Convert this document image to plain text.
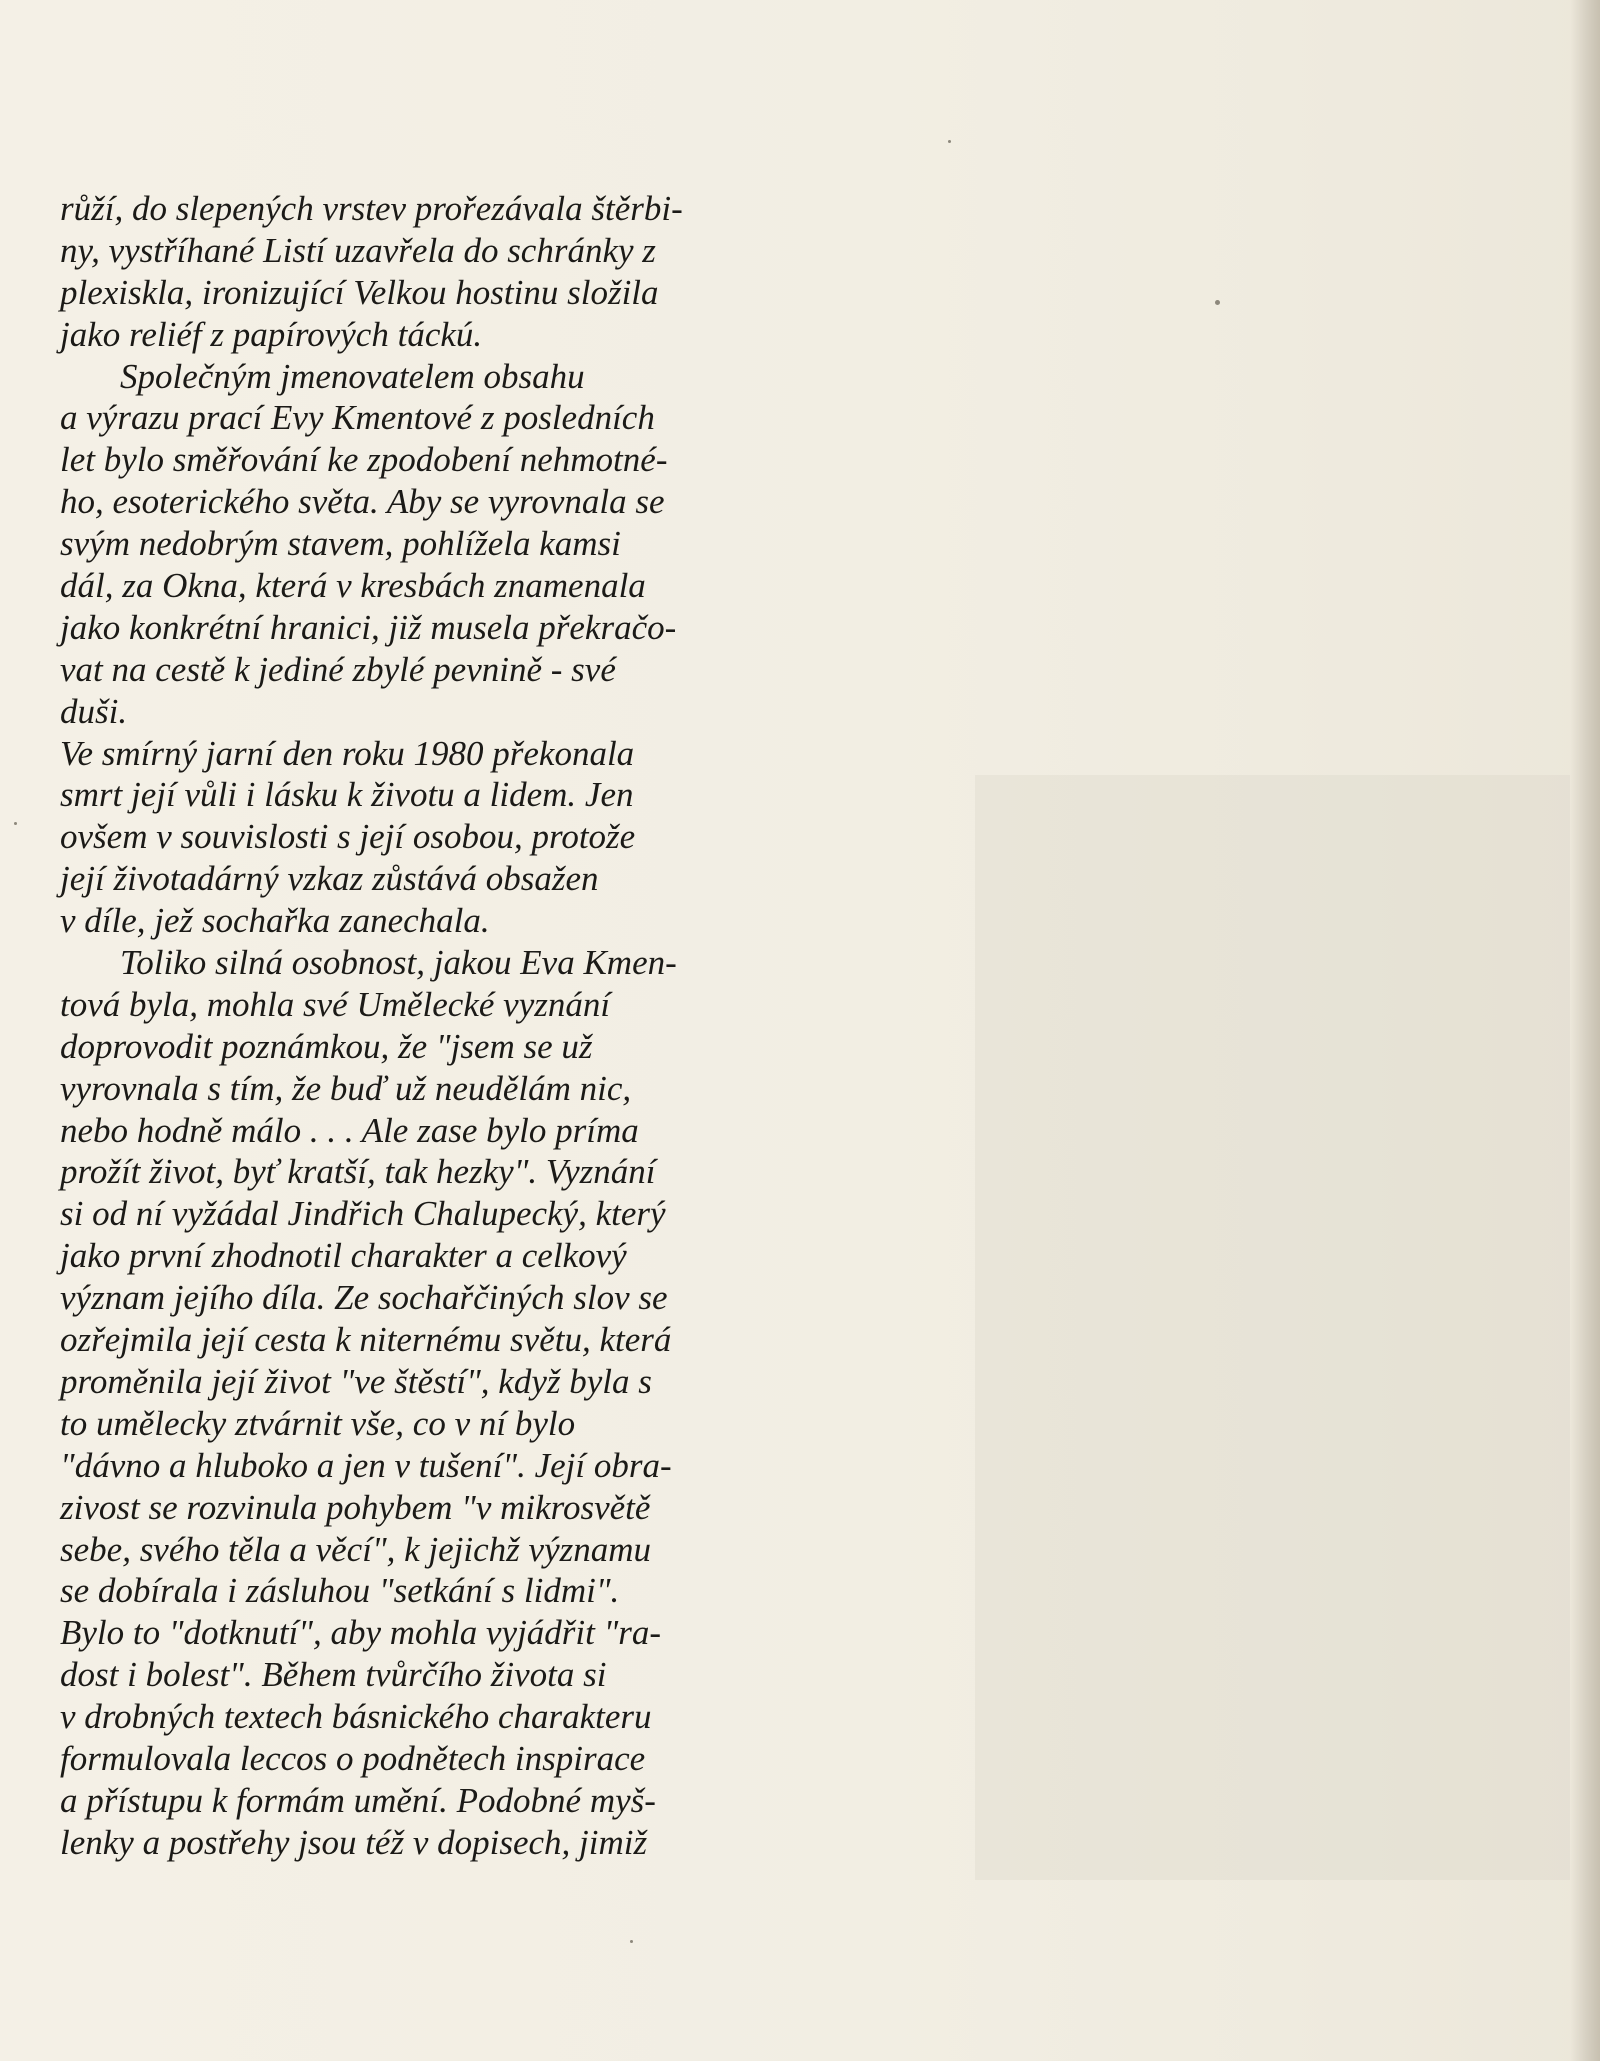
růží, do slepených vrstev prořezávala štěrbi-
ny, vystříhané Listí uzavřela do schránky z
plexiskla, ironizující Velkou hostinu složila
jako reliéf z papírových táckú.
Společným jmenovatelem obsahu
a výrazu prací Evy Kmentové z posledních
let bylo směřování ke zpodobení nehmotné-
ho, esoterického světa. Aby se vyrovnala se
svým nedobrým stavem, pohlížela kamsi
dál, za Okna, která v kresbách znamenala
jako konkrétní hranici, již musela překračo-
vat na cestě k jediné zbylé pevnině - své
duši.
Ve smírný jarní den roku 1980 překonala
smrt její vůli i lásku k životu a lidem. Jen
ovšem v souvislosti s její osobou, protože
její životadárný vzkaz zůstává obsažen
v díle, jež sochařka zanechala.
Toliko silná osobnost, jakou Eva Kmen-
tová byla, mohla své Umělecké vyznání
doprovodit poznámkou, že "jsem se už
vyrovnala s tím, že buď už neudělám nic,
nebo hodně málo . . . Ale zase bylo príma
prožít život, byť kratší, tak hezky". Vyznání
si od ní vyžádal Jindřich Chalupecký, který
jako první zhodnotil charakter a celkový
význam jejího díla. Ze sochařčiných slov se
ozřejmila její cesta k niternému světu, která
proměnila její život "ve štěstí", když byla s
to umělecky ztvárnit vše, co v ní bylo
"dávno a hluboko a jen v tušení". Její obra-
zivost se rozvinula pohybem "v mikrosvětě
sebe, svého těla a věcí", k jejichž významu
se dobírala i zásluhou "setkání s lidmi".
Bylo to "dotknutí", aby mohla vyjádřit "ra-
dost i bolest". Během tvůrčího života si
v drobných textech básnického charakteru
formulovala leccos o podnětech inspirace
a přístupu k formám umění. Podobné myš-
lenky a postřehy jsou též v dopisech, jimiž
